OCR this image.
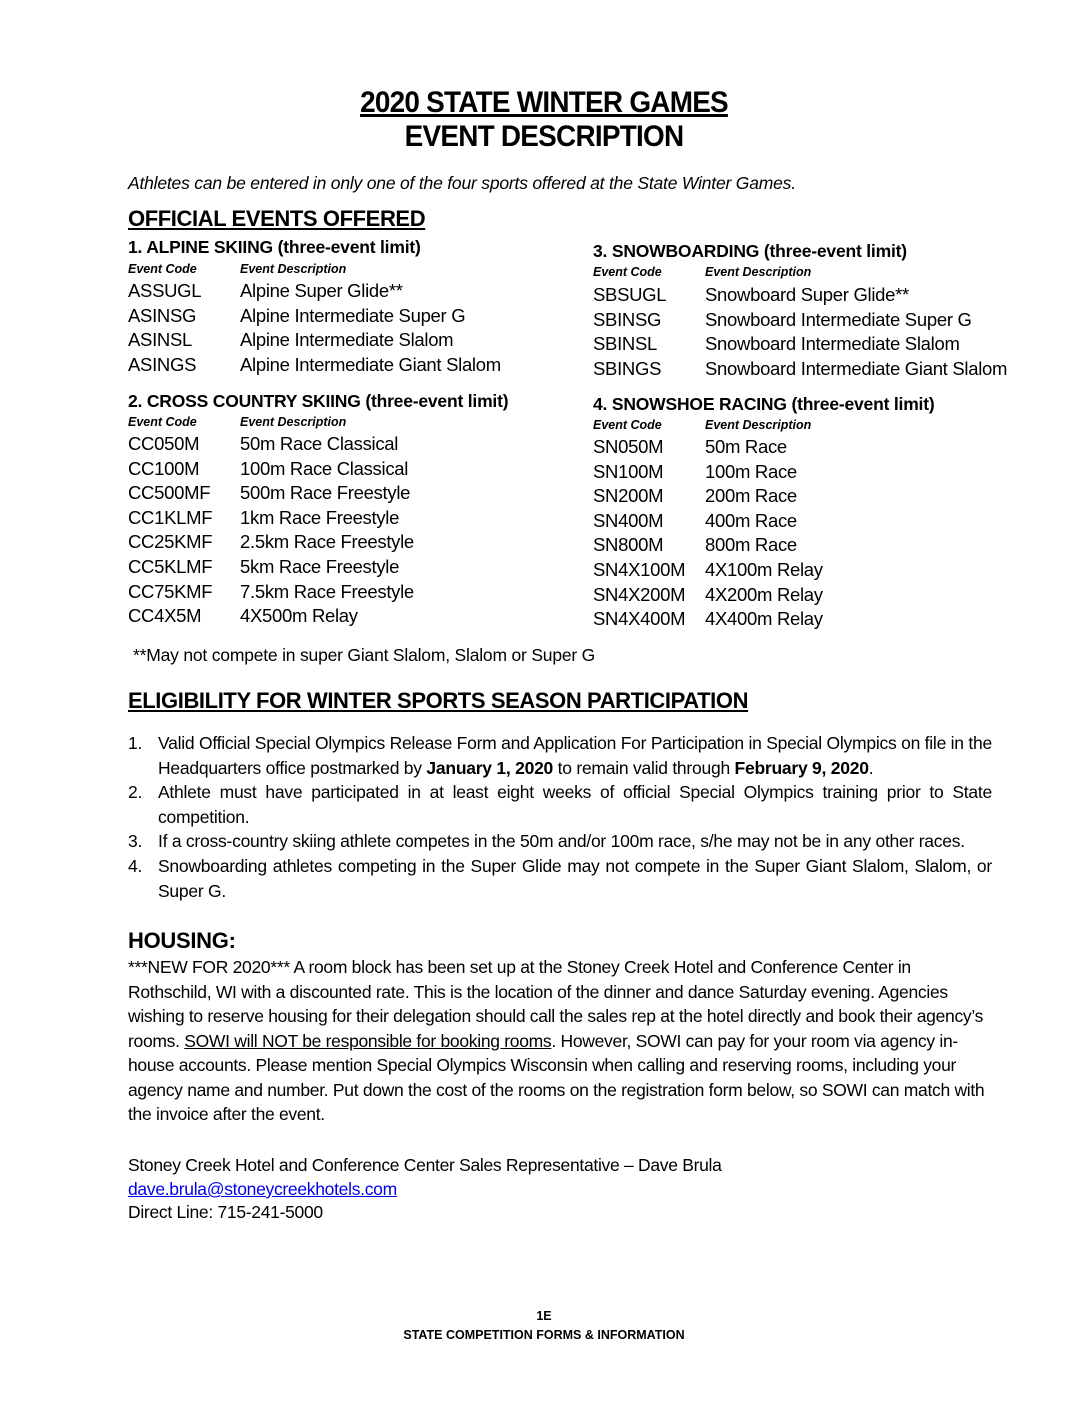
2020 STATE WINTER GAMES
EVENT DESCRIPTION
Athletes can be entered in only one of the four sports offered at the State Winter Games.
OFFICIAL EVENTS OFFERED
1. ALPINE SKIING (three-event limit)
Event Code	Event Description
ASSUGL Alpine Super Glide**
ASINSG Alpine Intermediate Super G
ASINSL	Alpine Intermediate Slalom
ASINGS Alpine Intermediate Giant Slalom
2. CROSS COUNTRY SKIING (three-event limit)
Event Code	Event Description
CC050M 50m Race Classical
CC100M 100m Race Classical
CC500MF 500m Race Freestyle
CC1KLMF 1km Race Freestyle
CC25KMF 2.5km Race Freestyle
CC5KLMF 5km Race Freestyle
CC75KMF 7.5km Race Freestyle
CC4X5M 4X500m Relay
3. SNOWBOARDING (three-event limit)
Event Code	Event Description
SBSUGL Snowboard Super Glide**
SBINSG Snowboard Intermediate Super G
SBINSL	Snowboard Intermediate Slalom
SBINGS Snowboard Intermediate Giant Slalom
4. SNOWSHOE RACING (three-event limit)
Event Code	Event Description
SN050M 50m Race
SN100M 100m Race
SN200M 200m Race
SN400M 400m Race
SN800M 800m Race
SN4X100M 4X100m Relay
SN4X200M 4X200m Relay
SN4X400M 4X400m Relay
**May not compete in super Giant Slalom, Slalom or Super G
ELIGIBILITY FOR WINTER SPORTS SEASON PARTICIPATION
1. Valid Official Special Olympics Release Form and Application For Participation in Special Olympics on file in the Headquarters office postmarked by January 1, 2020 to remain valid through February 9, 2020.
2. Athlete must have participated in at least eight weeks of official Special Olympics training prior to State competition.
3. If a cross-country skiing athlete competes in the 50m and/or 100m race, s/he may not be in any other races.
4. Snowboarding athletes competing in the Super Glide may not compete in the Super Giant Slalom, Slalom, or Super G.
HOUSING:
***NEW FOR 2020*** A room block has been set up at the Stoney Creek Hotel and Conference Center in Rothschild, WI with a discounted rate. This is the location of the dinner and dance Saturday evening. Agencies wishing to reserve housing for their delegation should call the sales rep at the hotel directly and book their agency’s rooms. SOWI will NOT be responsible for booking rooms. However, SOWI can pay for your room via agency in-house accounts. Please mention Special Olympics Wisconsin when calling and reserving rooms, including your agency name and number. Put down the cost of the rooms on the registration form below, so SOWI can match with the invoice after the event.
Stoney Creek Hotel and Conference Center Sales Representative – Dave Brula
dave.brula@stoneycreekhotels.com
Direct Line: 715-241-5000
1E
STATE COMPETITION FORMS & INFORMATION
